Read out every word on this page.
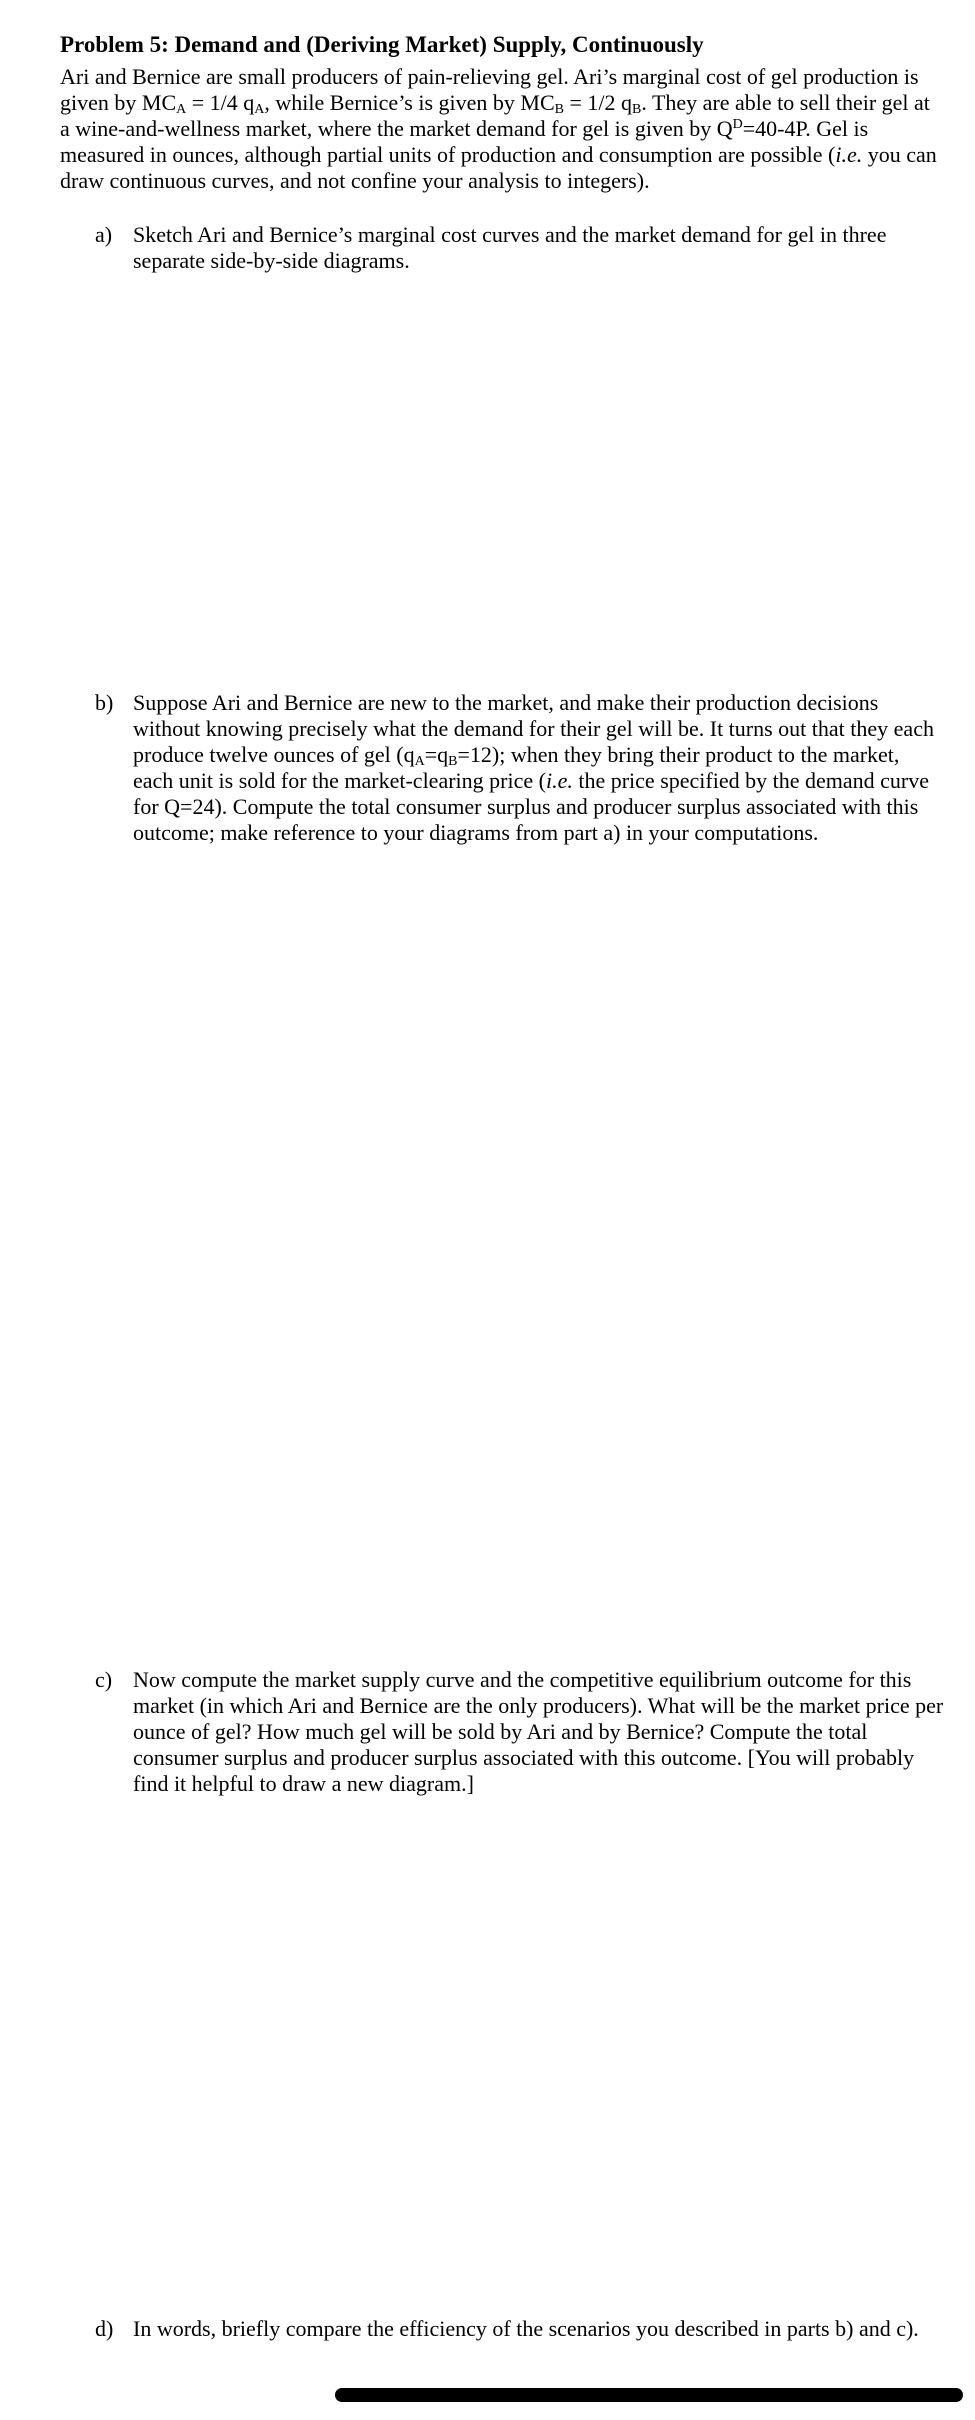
Problem 5: Demand and (Deriving Market) Supply, Continuously

Ari and Bernice are small producers of pain-relieving gel. Ari’s marginal cost of gel production is given by $MC_A = 1/4$ $q_A$, while Bernice’s is given by $MC_B = 1/2$ $q_B$. They are able to sell their gel at a wine-and-wellness market, where the market demand for gel is given by $Q^D=40-4P$. Gel is measured in ounces, although partial units of production and consumption are possible (i.e. you can draw continuous curves, and not confine your analysis to integers).

a) Sketch Ari and Bernice’s marginal cost curves and the market demand for gel in three separate side-by-side diagrams.
b) Suppose Ari and Bernice are new to the market, and make their production decisions without knowing precisely what the demand for their gel will be. It turns out that they each produce twelve ounces of gel $(q_A=q_B=12)$; when they bring their product to the market, each unit is sold for the market-clearing price (i.e. the price specified by the demand curve for Q=24). Compute the total consumer surplus and producer surplus associated with this outcome; make reference to your diagrams from part a) in your computations.
c) Now compute the market supply curve and the competitive equilibrium outcome for this market (in which Ari and Bernice are the only producers). What will be the market price per ounce of gel? How much gel will be sold by Ari and by Bernice? Compute the total consumer surplus and producer surplus associated with this outcome. [You will probably find it helpful to draw a new diagram.]
d) In words, briefly compare the efficiency of the scenarios you described in parts b) and c).
